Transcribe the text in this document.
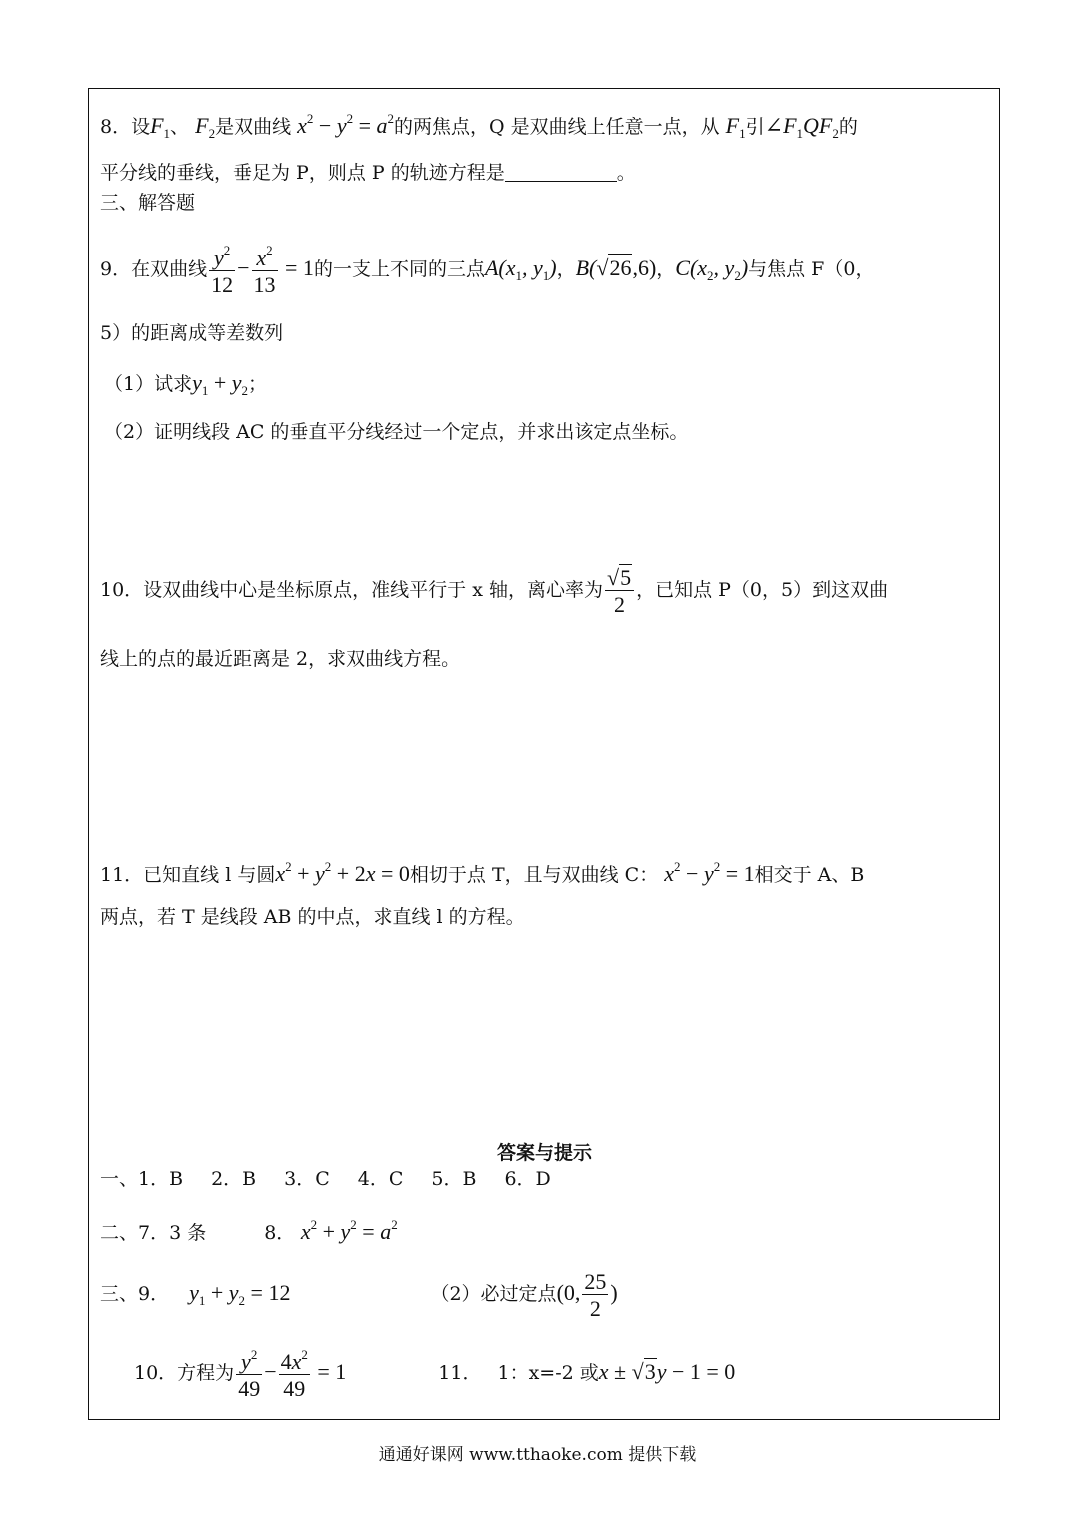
8．设$F_1$、 $F_2$是双曲线 $x^2 - y^2 = a^2$的两焦点，Q 是双曲线上任意一点，从 $F_1$引$\angle F_1QF_2$的
平分线的垂线，垂足为 P，则点 P 的轨迹方程是	。
三、解答题
9．在双曲线 $\frac{y^2}{12} - \frac{x^2}{13} = 1$的一支上不同的三点$A(x_1$, $y_1$)，B(√26,6)，$C(x_2$, $y_2$)与焦点 F（0，
5）的距离成等差数列
（1）试求$y_1 + y_2$；
（2）证明线段 AC 的垂直平分线经过一个定点，并求出该定点坐标。
10．设双曲线中心是坐标原点，准线平行于 x 轴，离心率为 $\frac{√5}{2}$ ，已知点 P（0，5）到这双曲
线上的点的最近距离是 2，求双曲线方程。
11．已知直线 l 与圆$x^2 + y^2 + 2x = 0$相切于点 T，且与双曲线 C： $x^2 - y^2 = 1$相交于 A、B
两点，若 T 是线段 AB 的中点，求直线 l 的方程。
答案与提示
一、1．B 2．B 3．C 4．C 5．B 6．D
二、7．3 条	8． $x^2 + y^2 = a^2$
三、9． $y_1 + y_2 = 12$	（2）必过定点(0, $\frac{25}{2}$ )
10．方程为 $\frac{y^2}{49} - \frac{4x^2}{49} = 1$	11． 1：x=-2 或x ± √3y − 1 = 0
通通好课网 www.tthaoke.com 提供下载
